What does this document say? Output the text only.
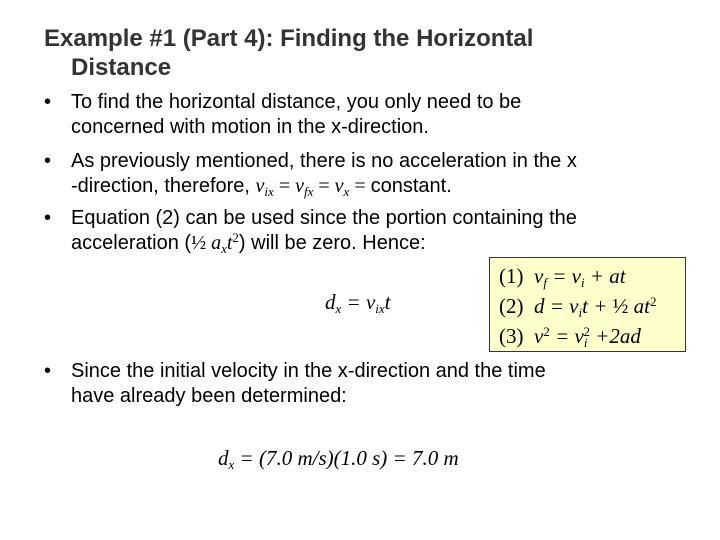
Example #1 (Part 4): Finding the Horizontal
Distance
• To find the horizontal distance, you only need to be
concerned with motion in the x-direction.
• As previously mentioned, there is no acceleration in the x
-direction, therefore, $v_{ix} = v_{fx} = v_x$ = constant.
• Equation (2) can be used since the portion containing the
acceleration (½ $a_xt^2$) will be zero. Hence:
(1) $v_f = v_i$ + at
(2) $d = v_it$ + ½ $at^2$
(3) $v^2 = v_i^2 +2ad$
$d_x = v_{ix}t$
• Since the initial velocity in the x-direction and the time
have already been determined:
$d_x = (7.0$ m/s)(1.0 s) = 7.0 m
